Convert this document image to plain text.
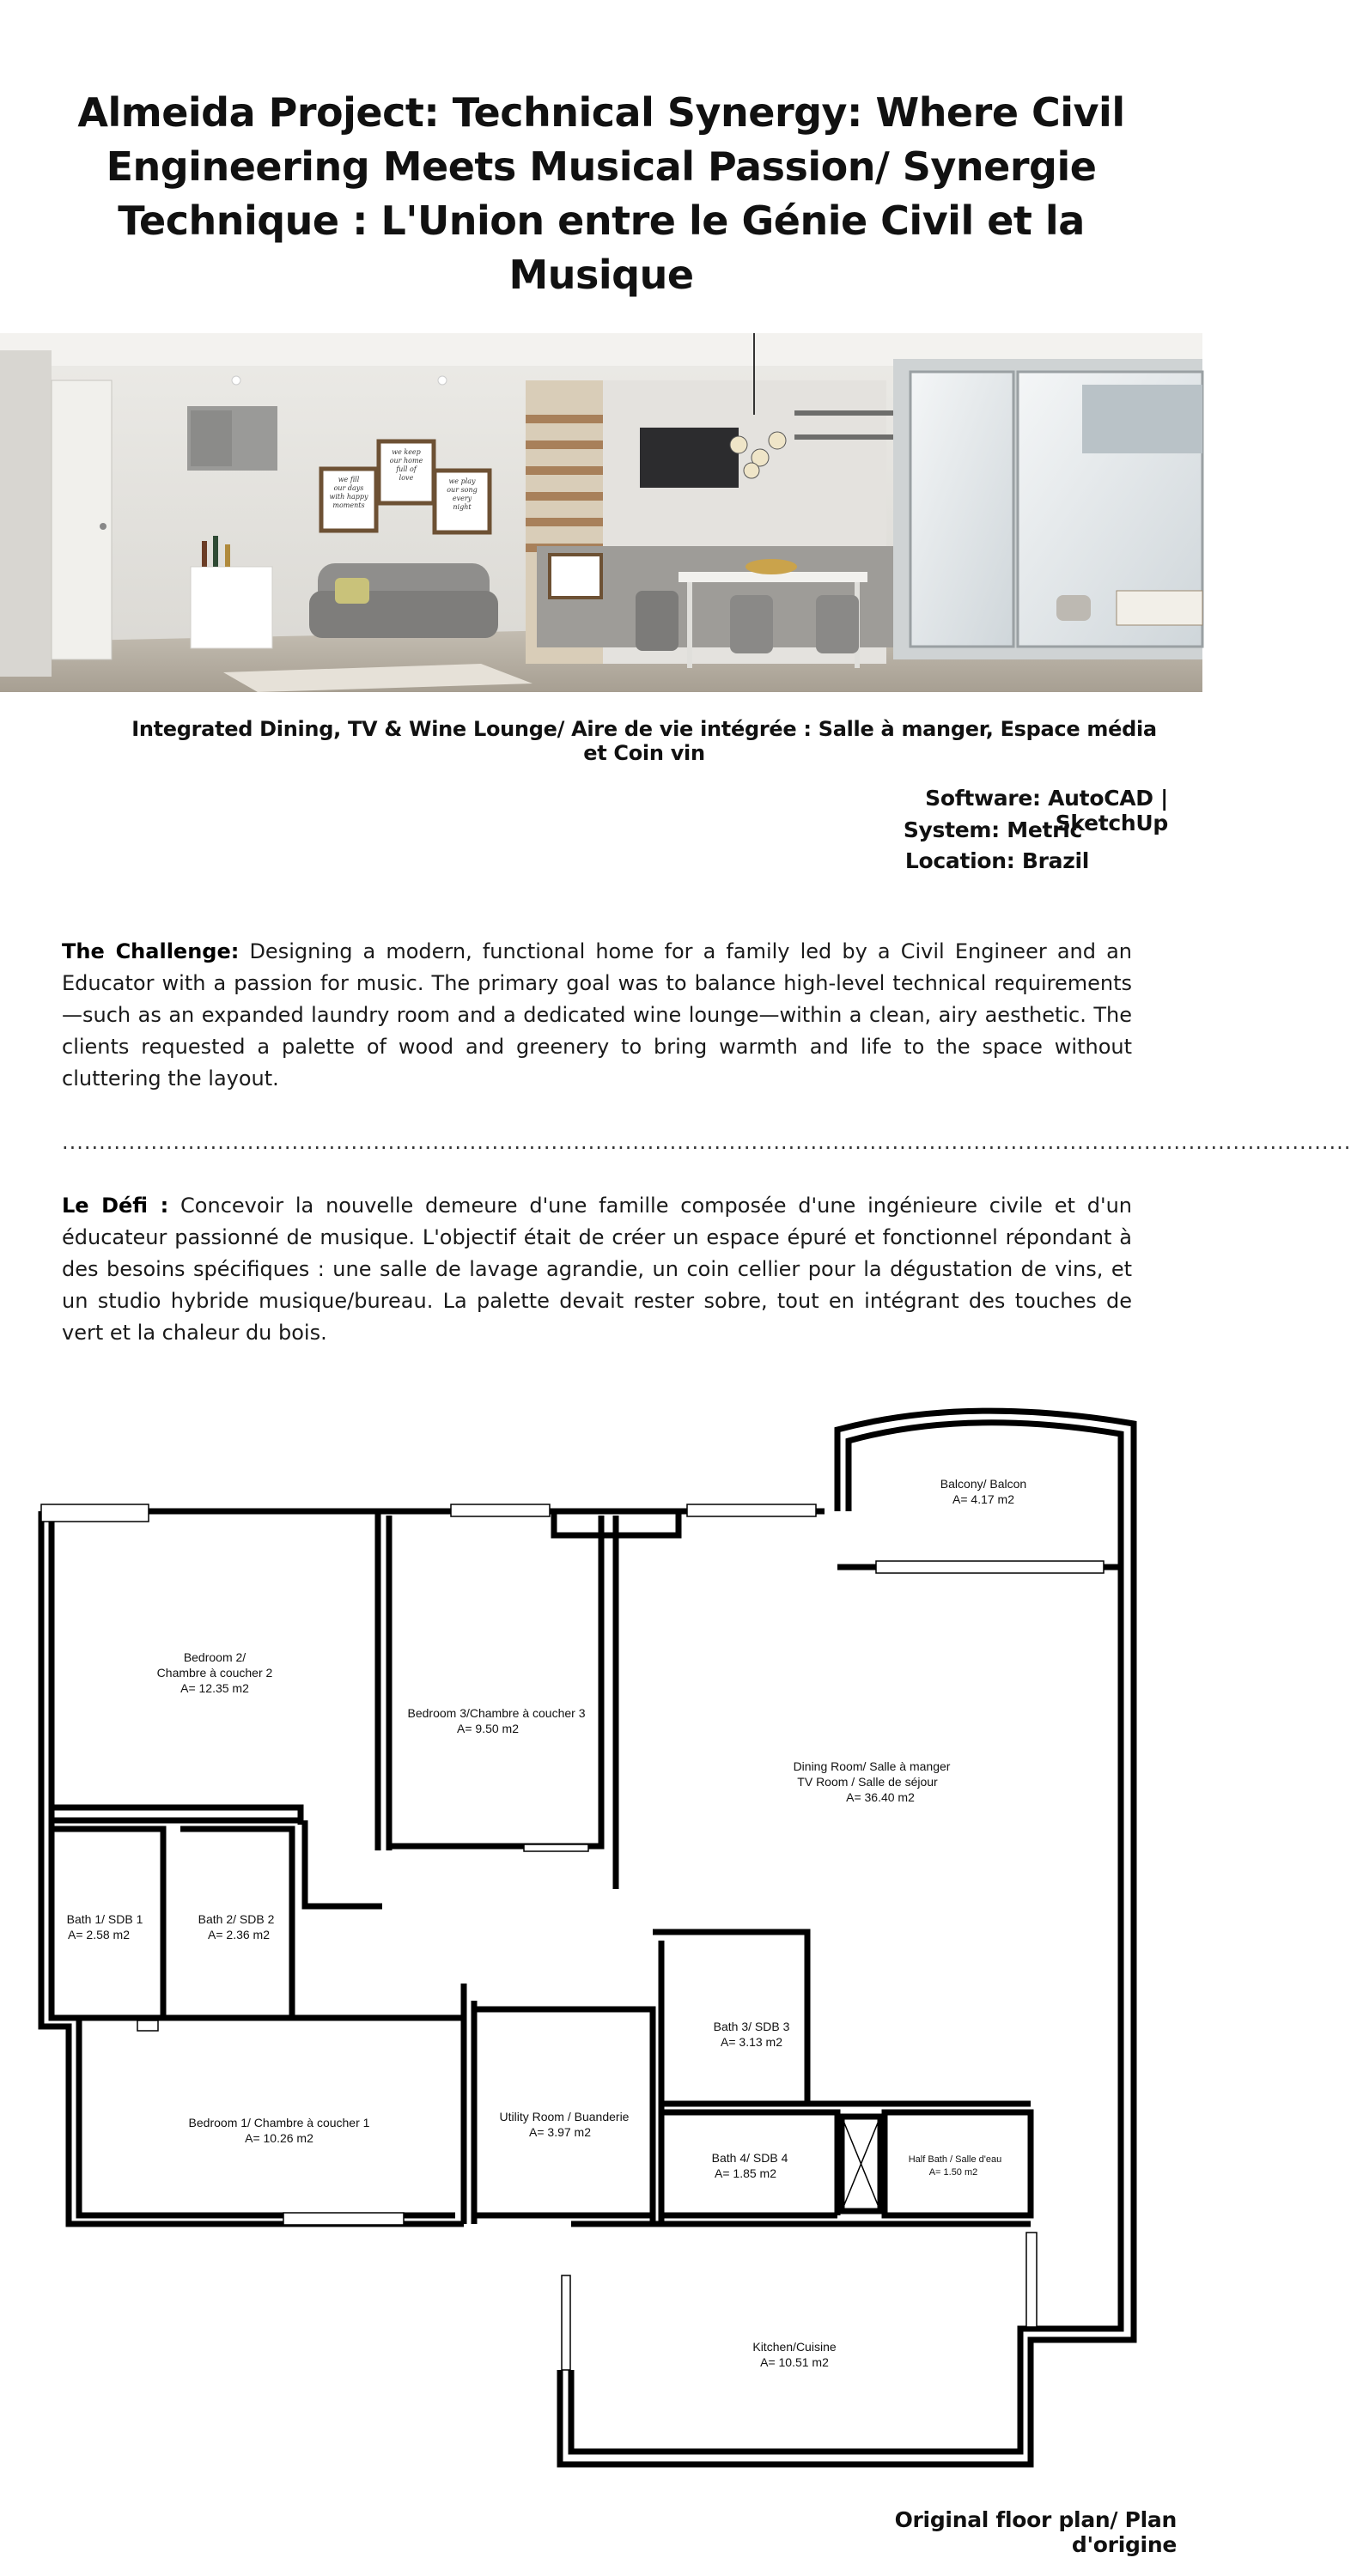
Almeida Project: Technical Synergy: Where Civil Engineering Meets Musical Passion/ Synergie Technique : L'Union entre le Génie Civil et la Musique
we fill
our days
with happy
moments
we keep
our home
full of
love	we play
our song
every
night
Integrated Dining, TV & Wine Lounge/ Aire de vie intégrée : Salle à manger, Espace média et Coin vin
Software: AutoCAD | SketchUp
System: Metric
Location: Brazil

The Challenge: Designing a modern, functional home for a family led by a Civil Engineer and an Educator with a passion for music. The primary goal was to balance high-level technical requirements—such as an expanded laundry room and a dedicated wine lounge—within a clean, airy aesthetic. The clients requested a palette of wood and greenery to bring warmth and life to the space without cluttering the layout.

..............................................................................................................................................................................

Le Défi : Concevoir la nouvelle demeure d'une famille composée d'une ingénieure civile et d'un éducateur passionné de musique. L'objectif était de créer un espace épuré et fonctionnel répondant à des besoins spécifiques : une salle de lavage agrandie, un coin cellier pour la dégustation de vins, et un studio hybride musique/bureau. La palette devait rester sobre, tout en intégrant des touches de vert et la chaleur du bois.

Balcony/ Balcon
A= 4.17 m2
Bedroom 2/
Chambre à coucher 2
A= 12.35 m2
Bedroom 3/Chambre à coucher 3
A= 9.50 m2
Dining Room/ Salle à manger
TV Room / Salle de séjour
A= 36.40 m2
Bath 1/ SDB 1
A= 2.58 m2
Bath 2/ SDB 2
A= 2.36 m2
Bath 3/ SDB 3
A= 3.13 m2
Bath 4/ SDB 4
A= 1.85 m2
Half Bath / Salle d'eau
A= 1.50 m2
Bedroom 1/ Chambre à coucher 1
A= 10.26 m2
Utility Room / Buanderie
A= 3.97 m2
Kitchen/Cuisine
A= 10.51 m2
Original floor plan/ Plan d'origine
